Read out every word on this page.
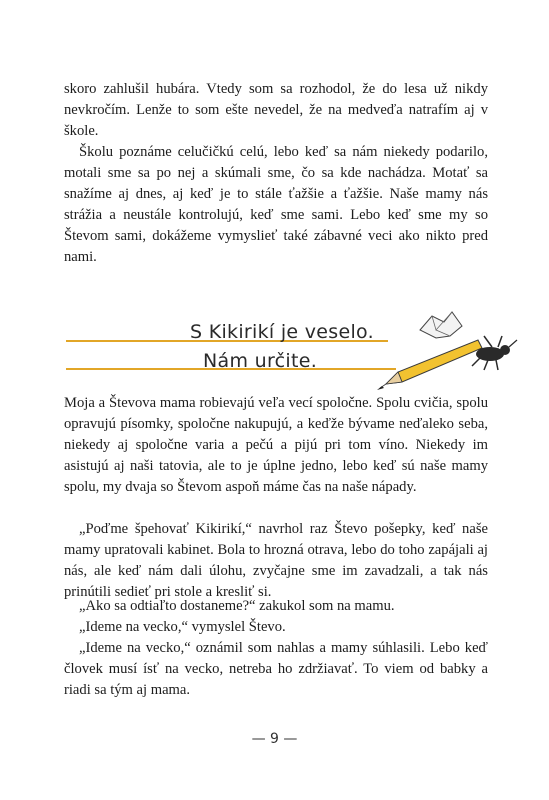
skoro zahlušil hubára. Vtedy som sa rozhodol, že do lesa už nikdy nevkročím. Lenže to som ešte nevedel, že na medveďa natrafím aj v škole.

Školu poznáme celučičkú celú, lebo keď sa nám niekedy podarilo, motali sme sa po nej a skúmali sme, čo sa kde nachádza. Motať sa snažíme aj dnes, aj keď je to stále ťažšie a ťažšie. Naše mamy nás strážia a neustále kontrolujú, keď sme sami. Lebo keď sme my so Števom sami, dokážeme vymyslieť také zábavné veci ako nikto pred nami.

S Kikirikí je veselo.
Nám určite.

Moja a Števova mama robievajú veľa vecí spoločne. Spolu cvičia, spolu opravujú písomky, spoločne nakupujú, a keďže bývame neďaleko seba, niekedy aj spoločne varia a pečú a pijú pri tom víno. Niekedy im asistujú aj naši tatovia, ale to je úplne jedno, lebo keď sú naše mamy spolu, my dvaja so Števom aspoň máme čas na naše nápady.

„Poďme špehovať Kikirikí,“ navrhol raz Števo pošepky, keď naše mamy upratovali kabinet. Bola to hrozná otrava, lebo do toho zapájali aj nás, ale keď nám dali úlohu, zvyčajne sme im zavadzali, a tak nás prinútili sedieť pri stole a kresliť si.

„Ako sa odtiaľto dostaneme?“ zakukol som na mamu.

„Ideme na vecko,“ vymyslel Števo.

„Ideme na vecko,“ oznámil som nahlas a mamy súhlasili. Lebo keď človek musí ísť na vecko, netreba ho zdržiavať. To viem od babky a riadi sa tým aj mama.

— 9 —
